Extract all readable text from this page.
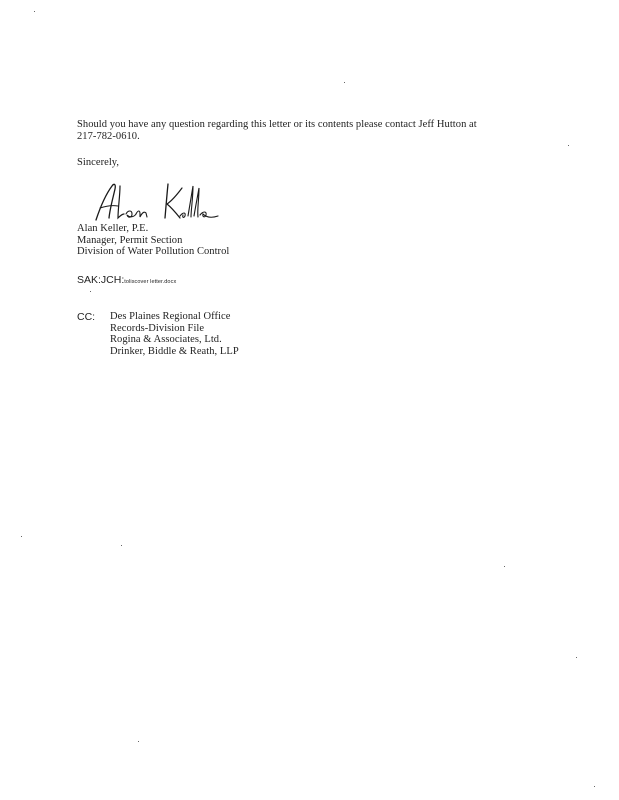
Should you have any question regarding this letter or its contents please contact Jeff Hutton at
217-782-0610.
Sincerely,
Alan Keller, P.E.
Manager, Permit Section
Division of Water Pollution Control
SAK:JCH:toliscover letter.docx
CC: Des Plaines Regional Office
Records-Division File
Rogina & Associates, Ltd.
Drinker, Biddle & Reath, LLP
